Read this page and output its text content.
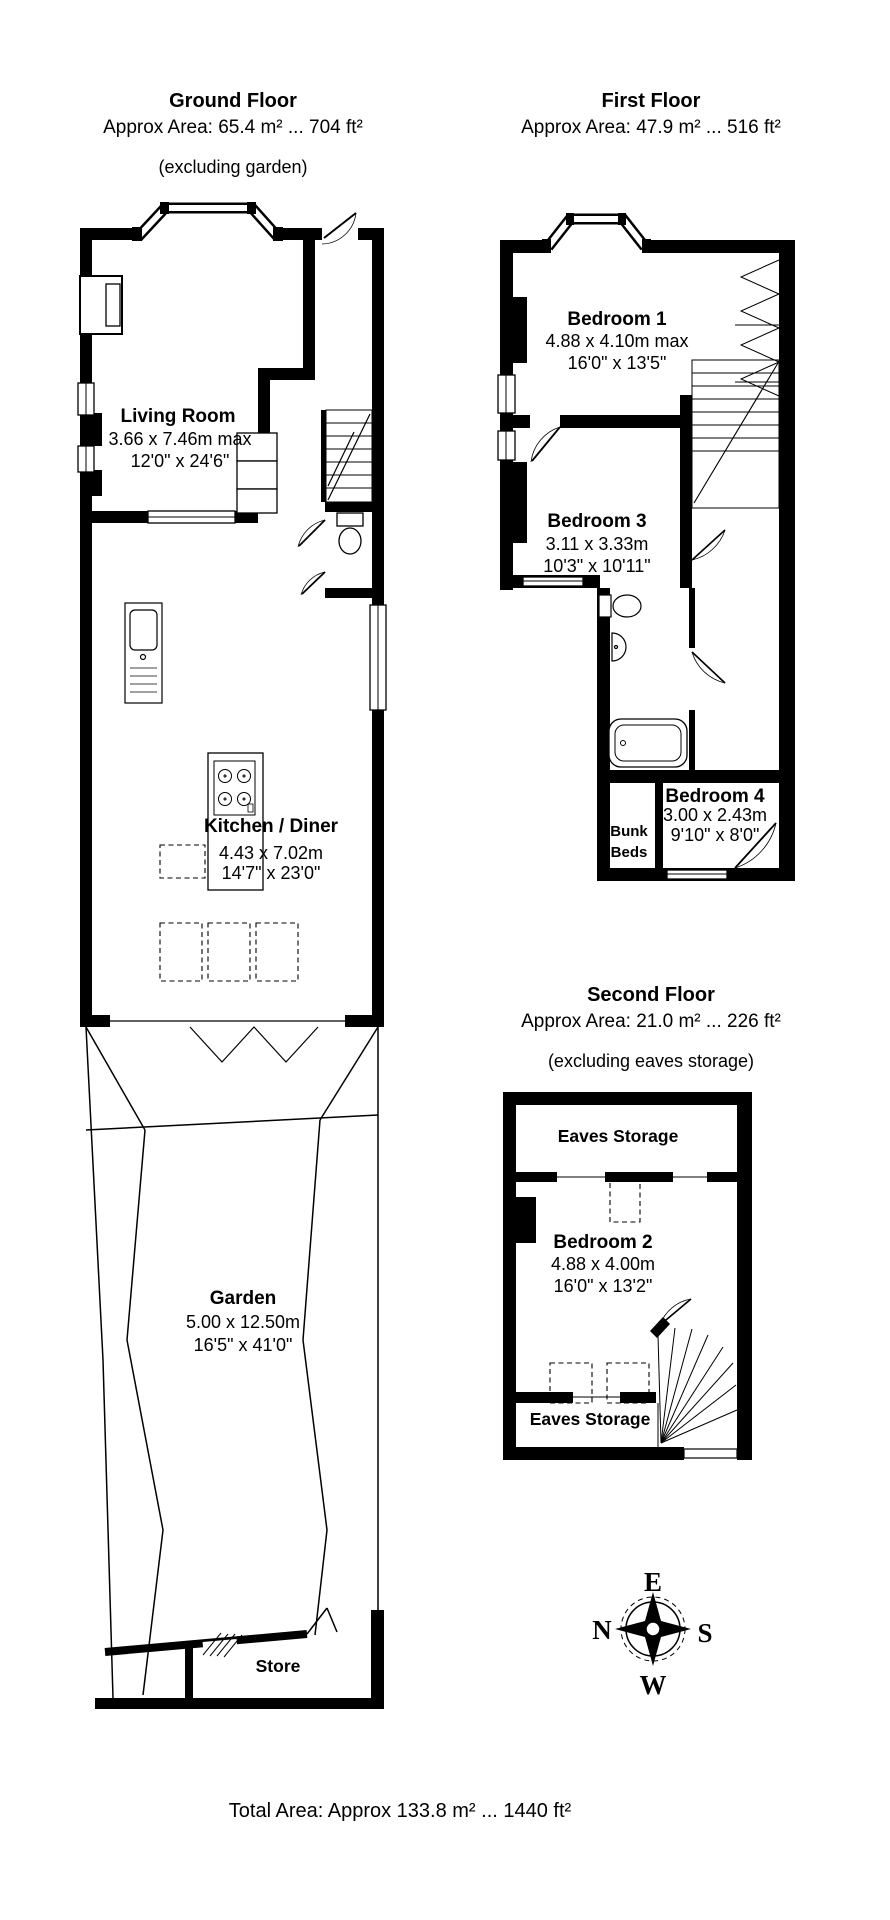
Ground Floor
Approx Area: 65.4 m² ... 704 ft²
(excluding garden)
First Floor
Approx Area: 47.9 m² ... 516 ft²
Second Floor
Approx Area: 21.0 m² ... 226 ft²
(excluding eaves storage)
Living Room
3.66 x 7.46m max
12'0" x 24'6"
Kitchen / Diner
4.43 x 7.02m
14'7" x 23'0"
Garden
5.00 x 12.50m
16'5" x 41'0"
Store
Bedroom 1
4.88 x 4.10m max
16'0" x 13'5"
Bedroom 3
3.11 x 3.33m
10'3" x 10'11"
Bedroom 4
3.00 x 2.43m
9'10" x 8'0"
Bunk
Beds
Eaves Storage
Bedroom 2
4.88 x 4.00m
16'0" x 13'2"
Eaves Storage
E
N	S
W
Total Area: Approx 133.8 m² ... 1440 ft²
